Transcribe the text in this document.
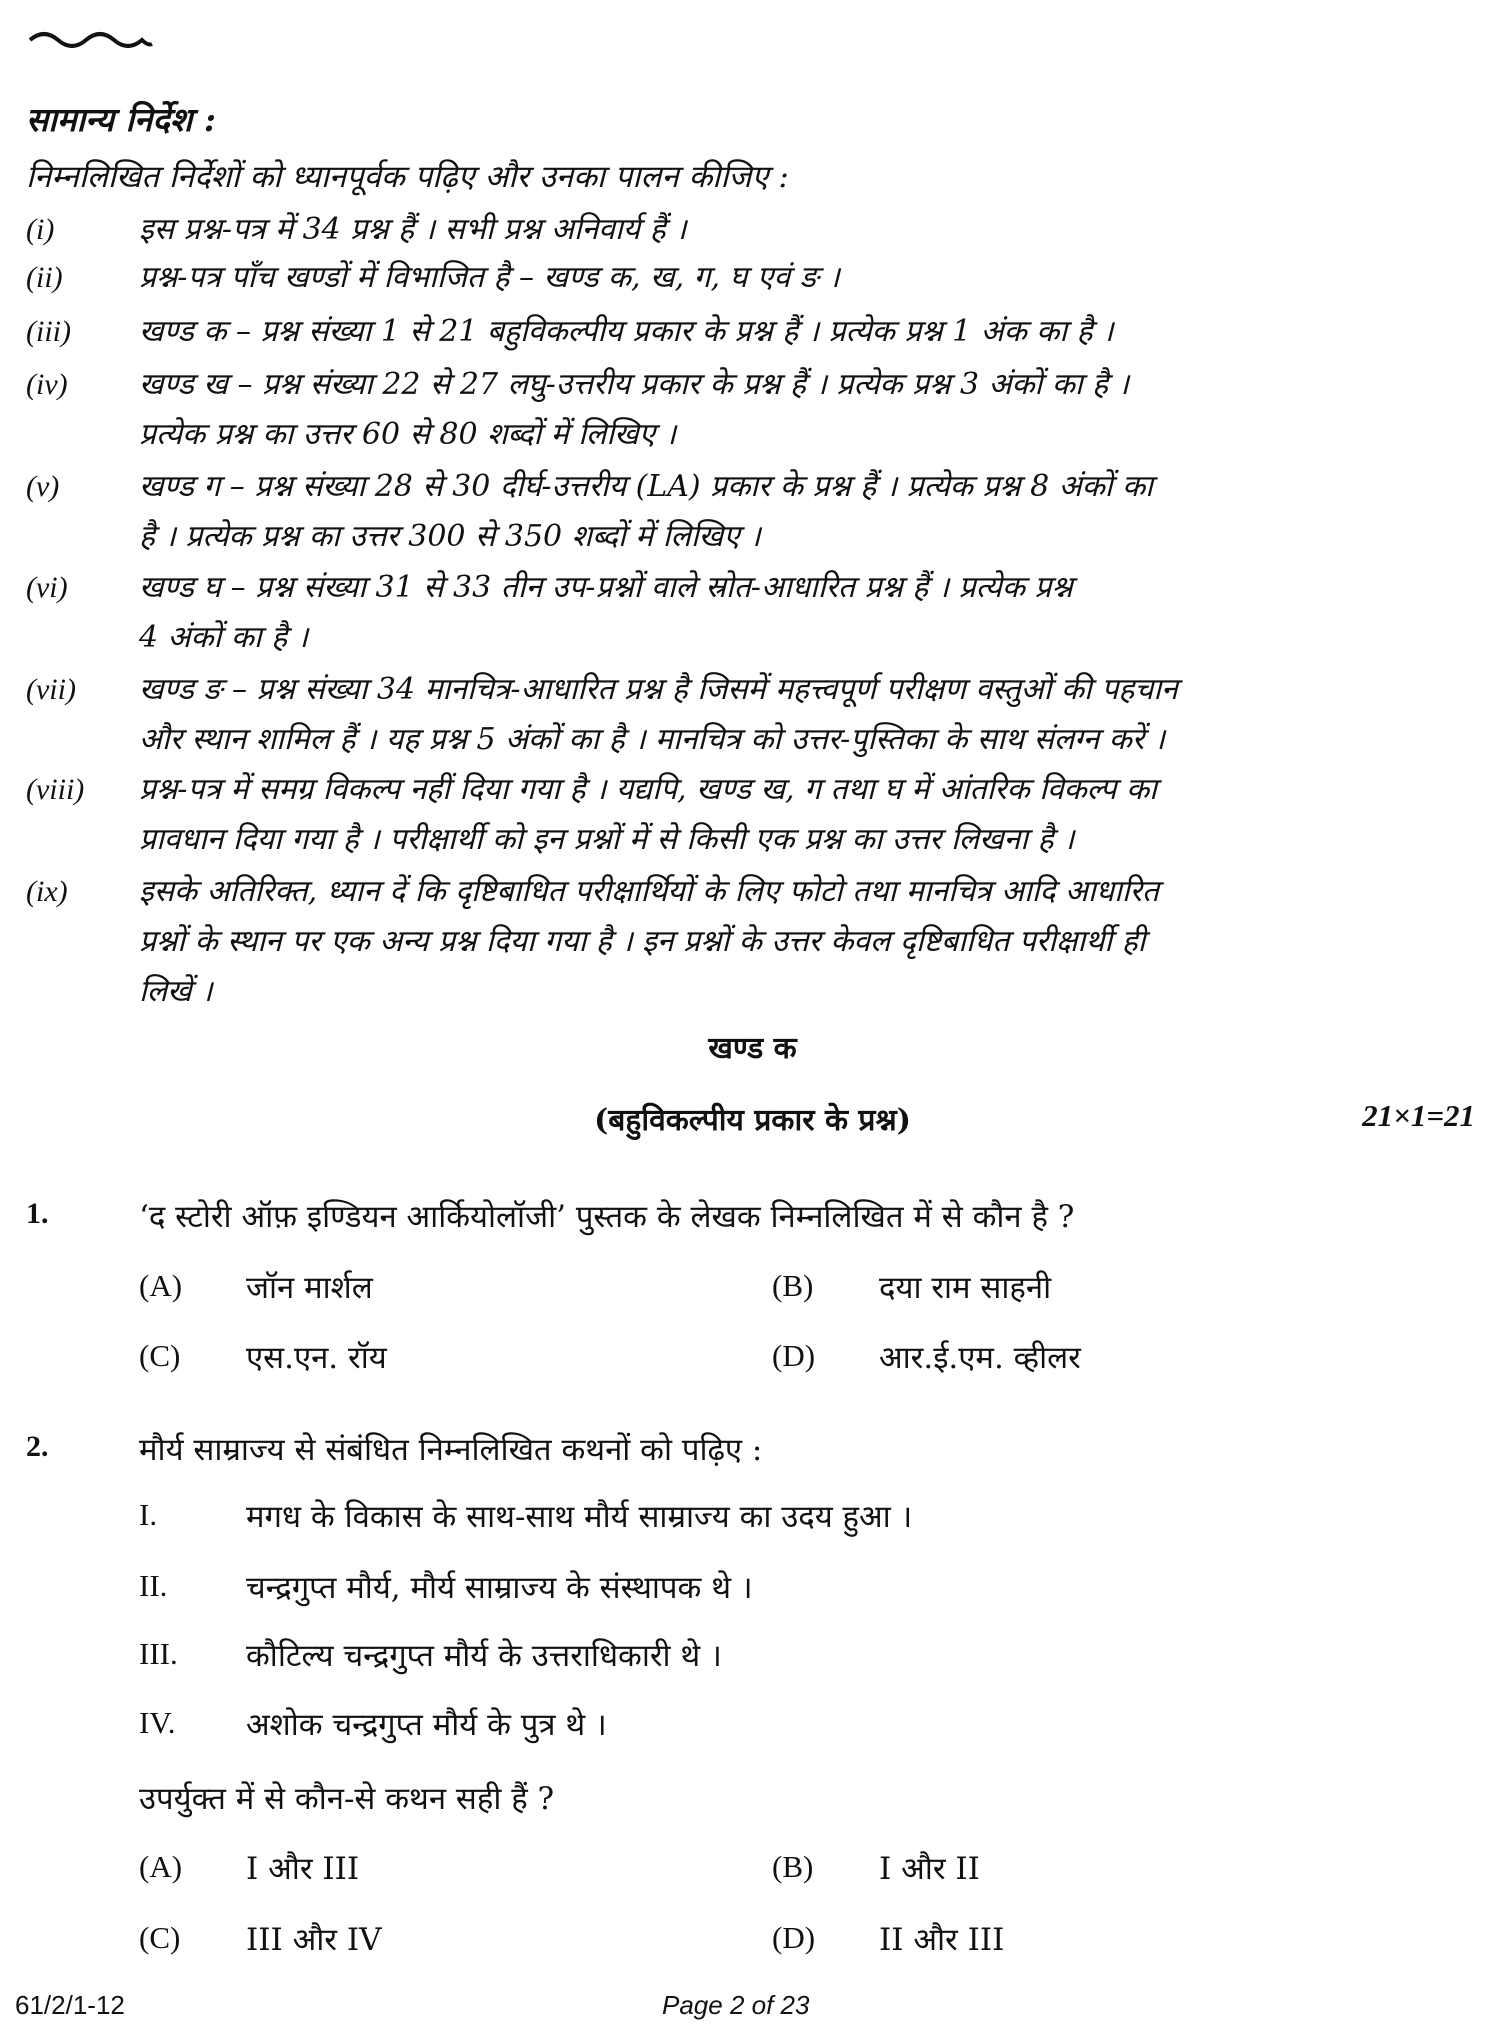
सामान्य निर्देश :
निम्नलिखित निर्देशों को ध्यानपूर्वक पढ़िए और उनका पालन कीजिए :
(i)	इस प्रश्न-पत्र में 34 प्रश्न हैं । सभी प्रश्न अनिवार्य हैं ।
(ii)	प्रश्न-पत्र पाँच खण्डों में विभाजित है – खण्ड क, ख, ग, घ एवं ङ ।
(iii) खण्ड क – प्रश्न संख्या 1 से 21 बहुविकल्पीय प्रकार के प्रश्न हैं । प्रत्येक प्रश्न 1 अंक का है ।
(iv) खण्ड ख – प्रश्न संख्या 22 से 27 लघु-उत्तरीय प्रकार के प्रश्न हैं । प्रत्येक प्रश्न 3 अंकों का है ।
प्रत्येक प्रश्न का उत्तर 60 से 80 शब्दों में लिखिए ।
(v)	खण्ड ग – प्रश्न संख्या 28 से 30 दीर्घ-उत्तरीय (LA) प्रकार के प्रश्न हैं । प्रत्येक प्रश्न 8 अंकों का
है । प्रत्येक प्रश्न का उत्तर 300 से 350 शब्दों में लिखिए ।
(vi) खण्ड घ – प्रश्न संख्या 31 से 33 तीन उप-प्रश्नों वाले स्रोत-आधारित प्रश्न हैं । प्रत्येक प्रश्न
4 अंकों का है ।
(vii) खण्ड ङ – प्रश्न संख्या 34 मानचित्र-आधारित प्रश्न है जिसमें महत्त्वपूर्ण परीक्षण वस्तुओं की पहचान
और स्थान शामिल हैं । यह प्रश्न 5 अंकों का है । मानचित्र को उत्तर-पुस्तिका के साथ संलग्न करें ।
(viii) प्रश्न-पत्र में समग्र विकल्प नहीं दिया गया है । यद्यपि, खण्ड ख, ग तथा घ में आंतरिक विकल्प का
प्रावधान दिया गया है । परीक्षार्थी को इन प्रश्नों में से किसी एक प्रश्न का उत्तर लिखना है ।
(ix) इसके अतिरिक्त, ध्यान दें कि दृष्टिबाधित परीक्षार्थियों के लिए फोटो तथा मानचित्र आदि आधारित
प्रश्नों के स्थान पर एक अन्य प्रश्न दिया गया है । इन प्रश्नों के उत्तर केवल दृष्टिबाधित परीक्षार्थी ही
लिखें ।
खण्ड क
(बहुविकल्पीय प्रकार के प्रश्न)	21×1=21
1.	‘द स्टोरी ऑफ़ इण्डियन आर्कियोलॉजी’ पुस्तक के लेखक निम्नलिखित में से कौन है ?
(A) जॉन मार्शल	(B) दया राम साहनी
(C) एस.एन. रॉय	(D) आर.ई.एम. व्हीलर
2.	मौर्य साम्राज्य से संबंधित निम्नलिखित कथनों को पढ़िए :
I.	मगध के विकास के साथ-साथ मौर्य साम्राज्य का उदय हुआ ।
II.	चन्द्रगुप्त मौर्य, मौर्य साम्राज्य के संस्थापक थे ।
III. कौटिल्य चन्द्रगुप्त मौर्य के उत्तराधिकारी थे ।
IV. अशोक चन्द्रगुप्त मौर्य के पुत्र थे ।
उपर्युक्त में से कौन-से कथन सही हैं ?
(A) I और III	(B) I और II
(C) III और IV	(D) II और III
61/2/1-12	Page 2 of 23
